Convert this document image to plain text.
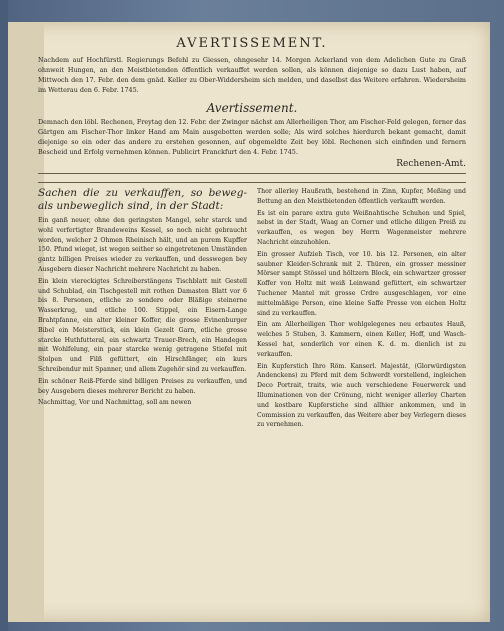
AVERTISSEMENT.
Nachdem auf Hochfürstl. Regierungs Befehl zu Giessen, ohngesehr 14. Morgen Ackerland von dem Adelichen Gute zu Graß ohnweit Hungen, an den Meistbietenden öffentlich verkauffet werden sollen, als können diejenige so dazu Lust haben, auf Mittwoch den 17. Febr. den dem gnäd. Keller zu Ober-Widdersheim sich melden, und daselbst das Weitere erfahren. Wiedersheim im Wetterau den 6. Febr. 1745.
Avertissement.
Demnach den löbl. Rechenen, Freytag den 12. Febr. der Zwinger nächst am Allerheiligen Thor, am Fischer-Feld gelegen, ferner das Gärtgen am Fischer-Thor linker Hand am Main ausgebotten werden solle; Als wird solches hierdurch bekant gemacht, damit diejenige so ein oder das andere zu erstehen gesonnen, auf obgemeldte Zeit bey löbl. Rechenen sich einfinden und fernern Bescheid und Erfolg vernehmen können. Publicirt Franckfurt den 4. Febr. 1745.
Rechenen-Amt.
Sachen die zu verkauffen, so beweg- als unbeweglich sind, in der Stadt:

Ein ganß neuer, ohne den geringsten Mangel, sehr starck und wohl verfertigter Brandeweins Kessel, so noch nicht gebraucht worden, welcher 2 Ohmen Rheinisch hält, und an purem Kupffer 150. Pfund wieget, ist wegen seither so eingetretenen Umständen gantz billigen Preises wieder zu verkauffen, und desswegen bey Ausgebern dieser Nachricht mehrere Nachricht zu haben.

Ein klein viereckigtes Schreiberstängens Tischblatt mit Gestell und Schublad, ein Tischgestell mit rothen Damasten Blatt vor 6 bis 8. Personen, etliche zo sondere oder Bläßige steinerne Wasserkrug, und etliche 100. Stippel, ein Eisern-Lange Brahtpfanne, ein alter kleiner Koffer, die grosse Evinenburger Bibel ein Meisterstück, ein klein Gezelt Garn, etliche grosse starcke Huthfutteral, ein schwartz Trauer-Brech, ein Handegen mit Wohlfelung, ein paar starcke wenig getragene Stiefel mit Stolpen und Filß gefüttert, ein Hirschfänger, ein kurs Schreibendur mit Spanner, und allem Zugehör sind zu verkauffen.

Ein schöner Reiß-Pferde sind billigen Preises zu verkauffen, und bey Ausgebern dieses mehrerer Bericht zu haben.

Nachmittag, Vor und Nachmittag, soll am newen

Thor allerley Haußrath, bestehend in Zinn, Kupfer, Meßing und Bettung an den Meistbietenden öffentlich verkaufft werden.

Es ist ein parare extra gute Weißnahtische Schuhen und Spiel, nebst in der Stadt, Waag an Corner und etliche diligen Preiß zu verkauffen, es wegen bey Herrn Wagenmeister mehrere Nachricht einzuhohlen.

Ein grosser Aufzieh Tisch, vor 10. bis 12. Personen, ein alter saubner Kleider-Schrank mit 2. Thüren, ein grosser messiner Mörser sampt Stössel und höltzern Block, ein schwartzer grosser Koffer von Holtz mit weiß Leinwand gefüttert, ein schwartzer Tuchener Mantel mit grosse Crdre ausgeschlagen, vor eine mittelmäßige Person, eine kleine Saffe Presse von eichen Holtz sind zu verkauffen.

Ein am Allerheiligen Thor wohlgelegenes neu erbautes Hauß, welches 5 Stuben, 3. Kammern, einen Keller, Hoff, und Wasch-Kessel hat, sonderlich vor einen K. d. m. dienlich ist zu verkauffen.

Ein Kupferstich Ihro Röm. Kanserl. Majestät, (Glorwürdigsten Andenckens) zu Pferd mit dem Schwerdt vorstellend, ingleichen Deco Portrait, traits, wie auch verschiedene Feuerwerck und Illuminationen von der Crönung, nicht weniger allerley Charten und kostbare Kupferstiche sind allhier ankommen, und in Commission zu verkauffen, das Weitere aber bey Verlegern dieses zu vernehmen.
